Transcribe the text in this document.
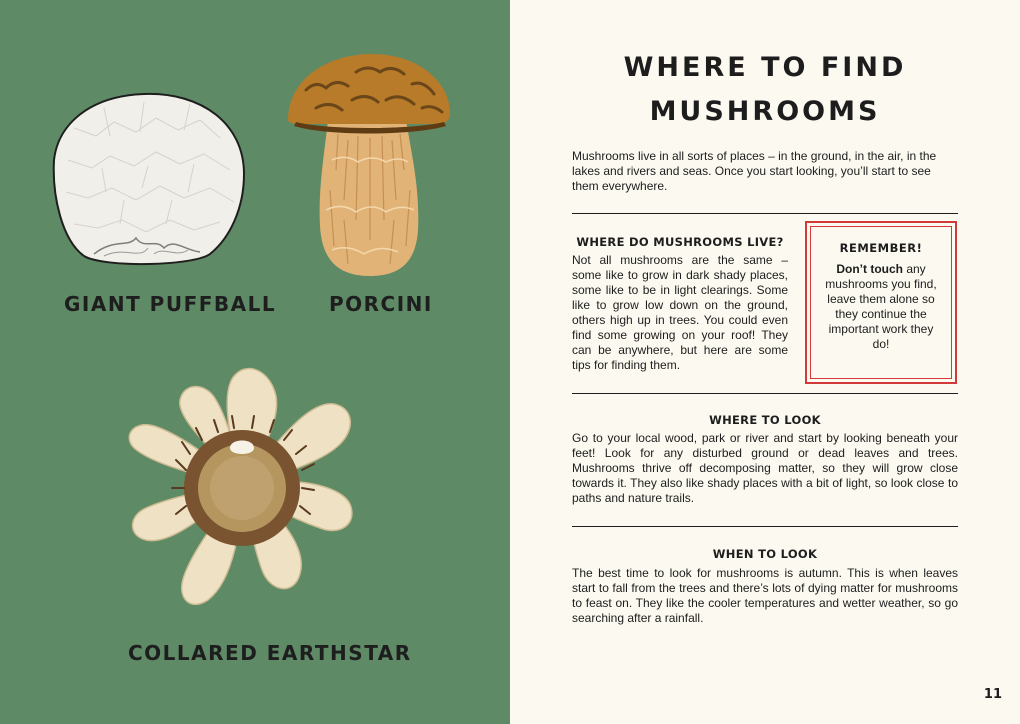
GIANT PUFFBALL	PORCINI
COLLARED EARTHSTAR
WHERE TO FIND
MUSHROOMS
Mushrooms live in all sorts of places – in the ground, in the air, in the lakes and rivers and seas. Once you start looking, you’ll start to see them everywhere.
WHERE DO MUSHROOMS LIVE?
Not all mushrooms are the same – some like to grow in dark shady places, some like to be in light clearings. Some like to grow low down on the ground, others high up in trees. You could even find some growing on your roof! They can be anywhere, but here are some tips for finding them.
REMEMBER!
Don’t touch any mushrooms you find, leave them alone so they continue the important work they do!
WHERE TO LOOK
Go to your local wood, park or river and start by looking beneath your feet! Look for any disturbed ground or dead leaves and trees. Mushrooms thrive off decomposing matter, so they will grow close towards it. They also like shady places with a bit of light, so look close to paths and nature trails.
WHEN TO LOOK
The best time to look for mushrooms is autumn. This is when leaves start to fall from the trees and there’s lots of dying matter for mushrooms to feast on. They like the cooler temperatures and wetter weather, so go searching after a rainfall.
11
